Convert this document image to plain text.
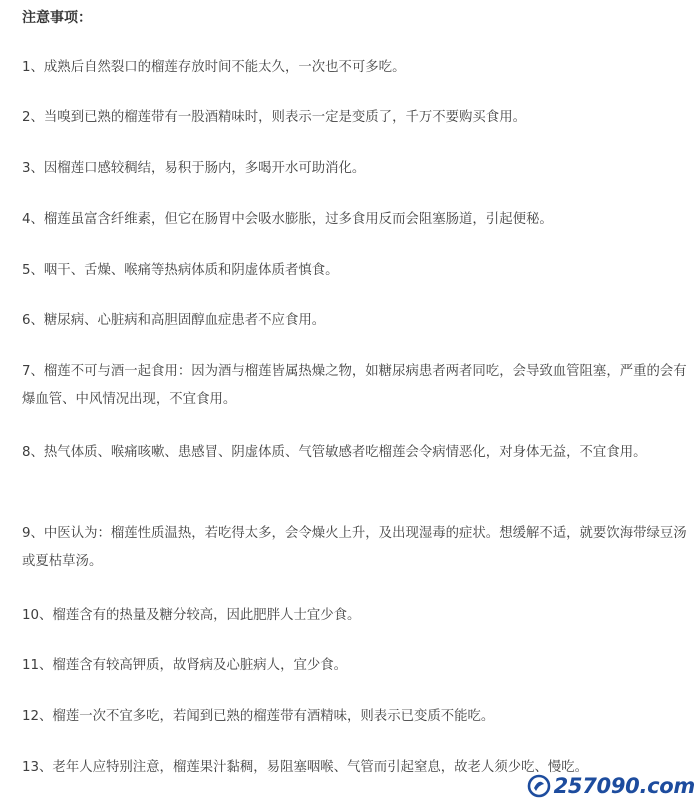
注意事项：
1、成熟后自然裂口的榴莲存放时间不能太久，一次也不可多吃。
2、当嗅到已熟的榴莲带有一股酒精味时，则表示一定是变质了，千万不要购买食用。
3、因榴莲口感较稠结，易积于肠内，多喝开水可助消化。
4、榴莲虽富含纤维素，但它在肠胃中会吸水膨胀，过多食用反而会阻塞肠道，引起便秘。
5、咽干、舌燥、喉痛等热病体质和阴虚体质者慎食。
6、糖尿病、心脏病和高胆固醇血症患者不应食用。
7、榴莲不可与酒一起食用：因为酒与榴莲皆属热燥之物，如糖尿病患者两者同吃，会导致血管阻塞，严重的会有爆血管、中风情况出现，不宜食用。
8、热气体质、喉痛咳嗽、患感冒、阴虚体质、气管敏感者吃榴莲会令病情恶化，对身体无益，不宜食用。
9、中医认为：榴莲性质温热，若吃得太多，会令燥火上升，及出现湿毒的症状。想缓解不适，就要饮海带绿豆汤或夏枯草汤。
10、榴莲含有的热量及糖分较高，因此肥胖人士宜少食。
11、榴莲含有较高钾质，故肾病及心脏病人，宜少食。
12、榴莲一次不宜多吃，若闻到已熟的榴莲带有酒精味，则表示已变质不能吃。
13、老年人应特别注意，榴莲果汁黏稠，易阻塞咽喉、气管而引起窒息，故老人须少吃、慢吃。
257090.com
